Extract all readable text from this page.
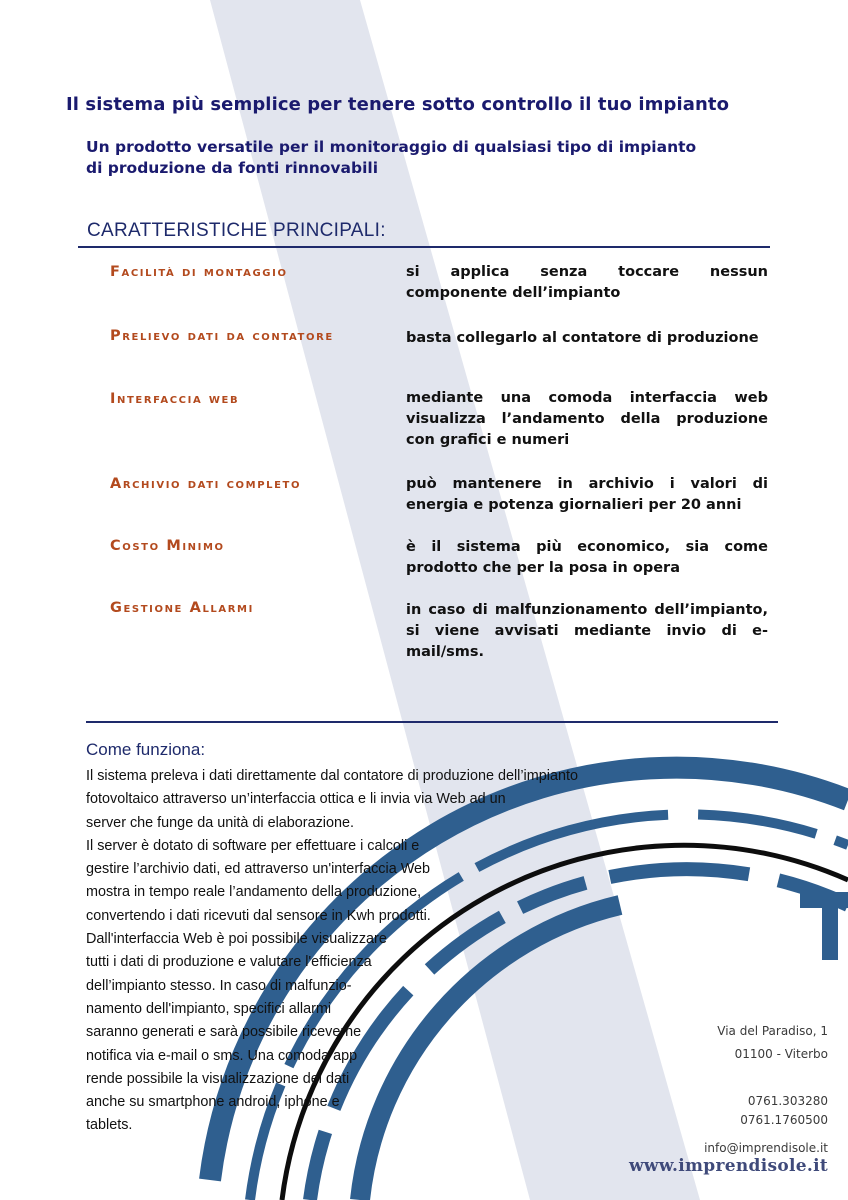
Il sistema più semplice per tenere sotto controllo il tuo impianto
Un prodotto versatile per il monitoraggio di qualsiasi tipo di impianto
di produzione da fonti rinnovabili
CARATTERISTICHE PRINCIPALI:
Facilità di montaggio	si applica senza toccare nessun componente dell’impianto
Prelievo dati da contatore	basta collegarlo al contatore di produzione
Interfaccia web	mediante una comoda interfaccia web visualizza l’andamento della produzione con grafici e numeri
Archivio dati completo	può mantenere in archivio i valori di energia e potenza giornalieri per 20 anni
Costo Minimo	è il sistema più economico, sia come prodotto che per la posa in opera
Gestione Allarmi	in caso di malfunzionamento dell’impianto, si viene avvisati mediante invio di e-mail/sms.
Come funziona:
Il sistema preleva i dati direttamente dal contatore di produzione dell’impianto
fotovoltaico attraverso un’interfaccia ottica e li invia via Web ad un
server che funge da unità di elaborazione.
Il server è dotato di software per effettuare i calcoli e
gestire l’archivio dati, ed attraverso un'interfaccia Web
mostra in tempo reale l’andamento della produzione,
convertendo i dati ricevuti dal sensore in Kwh prodotti.
Dall'interfaccia Web è poi possibile visualizzare
tutti i dati di produzione e valutare l'efficienza
dell’impianto stesso. In caso di malfunzio-
namento dell'impianto, specifici allarmi
saranno generati e sarà possibile riceverne
notifica via e-mail o sms. Una comoda app
rende possibile la visualizzazione dei dati
anche su smartphone android, iphone e
tablets.
Via del Paradiso, 1
01100 - Viterbo
0761.303280
0761.1760500
info@imprendisole.it
www.imprendisole.it
